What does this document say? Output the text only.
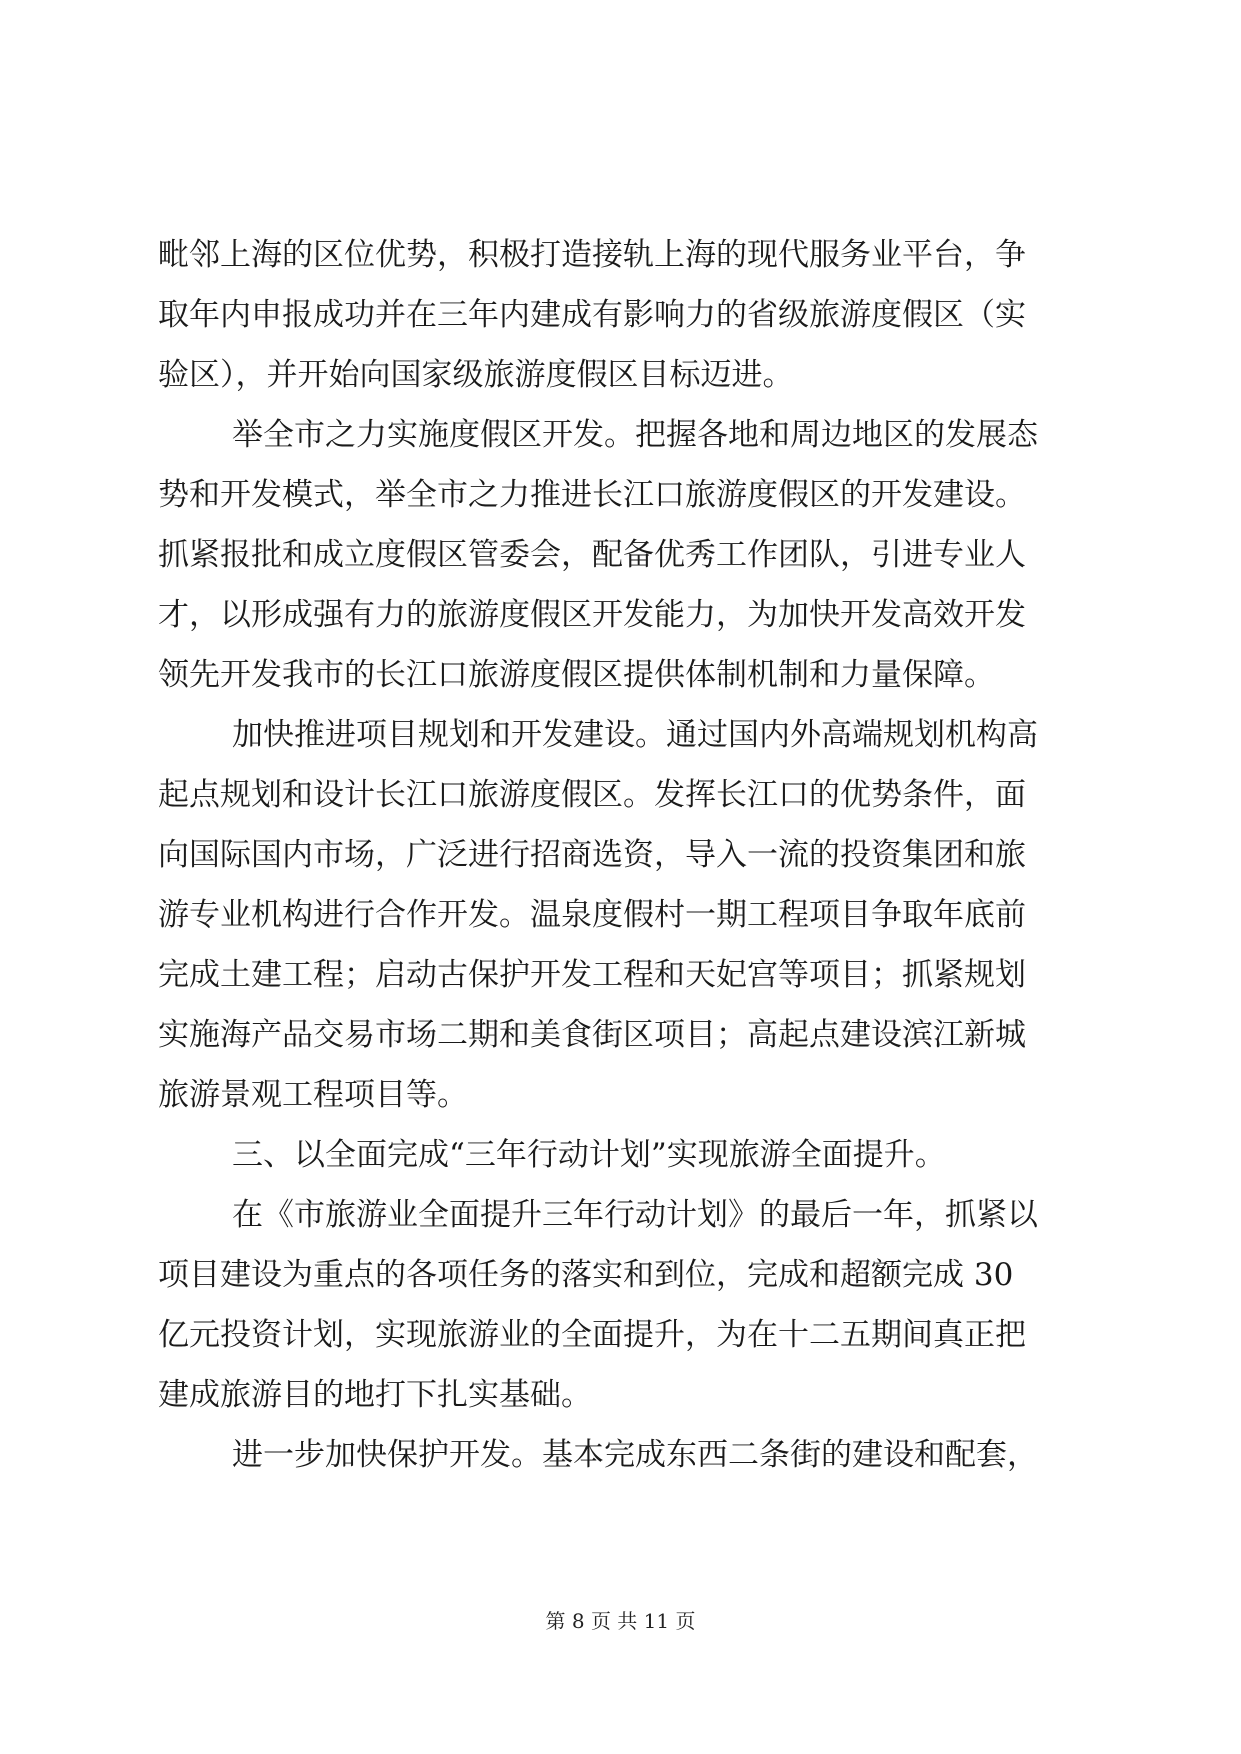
毗邻上海的区位优势，积极打造接轨上海的现代服务业平台，争
取年内申报成功并在三年内建成有影响力的省级旅游度假区（实
验区），并开始向国家级旅游度假区目标迈进。
举全市之力实施度假区开发。把握各地和周边地区的发展态
势和开发模式，举全市之力推进长江口旅游度假区的开发建设。
抓紧报批和成立度假区管委会，配备优秀工作团队，引进专业人
才，以形成强有力的旅游度假区开发能力，为加快开发高效开发
领先开发我市的长江口旅游度假区提供体制机制和力量保障。
加快推进项目规划和开发建设。通过国内外高端规划机构高
起点规划和设计长江口旅游度假区。发挥长江口的优势条件，面
向国际国内市场，广泛进行招商选资，导入一流的投资集团和旅
游专业机构进行合作开发。温泉度假村一期工程项目争取年底前
完成土建工程；启动古保护开发工程和天妃宫等项目；抓紧规划
实施海产品交易市场二期和美食街区项目；高起点建设滨江新城
旅游景观工程项目等。
三、以全面完成“三年行动计划”实现旅游全面提升。
在《市旅游业全面提升三年行动计划》的最后一年，抓紧以
项目建设为重点的各项任务的落实和到位，完成和超额完成 30
亿元投资计划，实现旅游业的全面提升，为在十二五期间真正把
建成旅游目的地打下扎实基础。
进一步加快保护开发。基本完成东西二条街的建设和配套，
第 8 页 共 11 页
